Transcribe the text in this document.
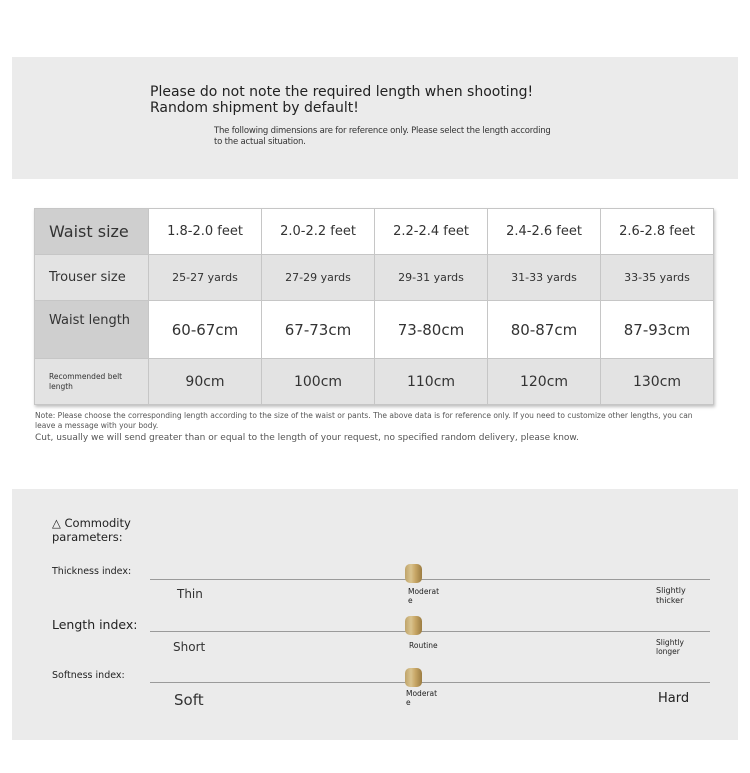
Please do not note the required length when shooting! Random shipment by default!
The following dimensions are for reference only. Please select the length according to the actual situation.
Waist size	1.8-2.0 feet	2.0-2.2 feet	2.2-2.4 feet	2.4-2.6 feet	2.6-2.8 feet
Trouser size	25-27 yards	27-29 yards	29-31 yards	31-33 yards	33-35 yards
Waist length	60-67cm	67-73cm	73-80cm	80-87cm	87-93cm
Recommended belt length	90cm	100cm	110cm	120cm	130cm
Note: Please choose the corresponding length according to the size of the waist or pants. The above data is for reference only. If you need to customize other lengths, you can leave a message with your body.
Cut, usually we will send greater than or equal to the length of your request, no specified random delivery, please know.
△ Commodity parameters:
Thickness index:
Thin	Moderate
Slightly thicker
Length index:
Short	Routine	Slightly longer
Softness index:
Soft	Moderate	Hard
